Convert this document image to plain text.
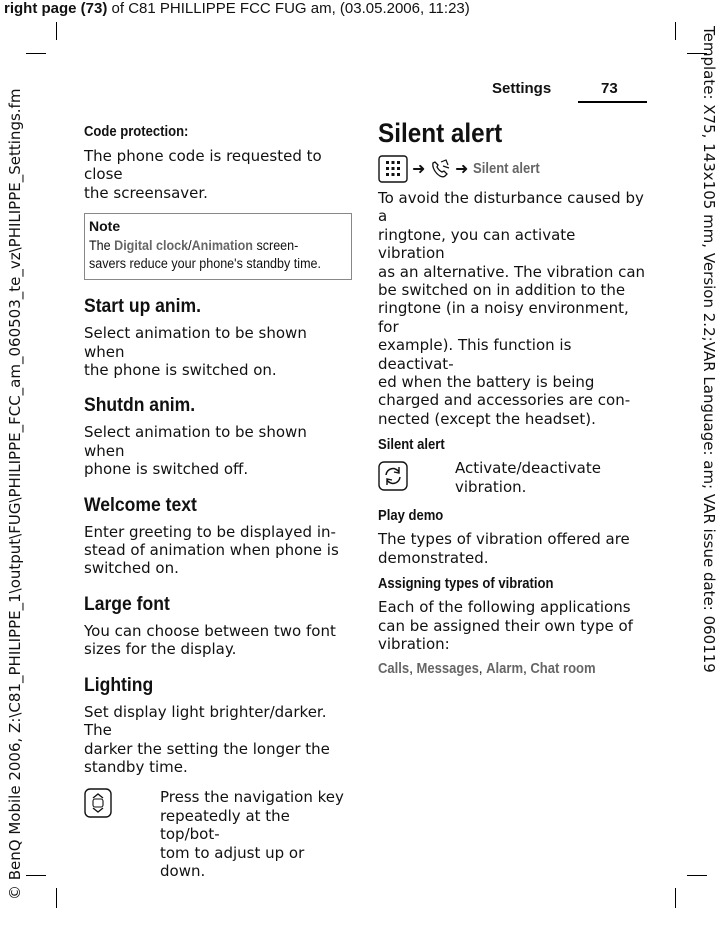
right page (73) of C81 PHILLIPPE FCC FUG am, (03.05.2006, 11:23)
Template: X75, 143x105 mm, Version 2.2;VAR Language: am; VAR issue date: 060119
© BenQ Mobile 2006, Z:\C81_PHILIPPE_1\output\FUG\PHILIPPE_FCC_am_060503_te_vz\PHILIPPE_Settings.fm
Settings	73
Code protection:
The phone code is requested to close
the screensaver.
Note
The Digital clock/Animation screen-
savers reduce your phone's standby time.
Start up anim.
Select animation to be shown when
the phone is switched on.
Shutdn anim.
Select animation to be shown when
phone is switched off.
Welcome text
Enter greeting to be displayed in-
stead of animation when phone is
switched on.
Large font
You can choose between two font
sizes for the display.
Lighting
Set display light brighter/darker. The
darker the setting the longer the
standby time.
Press the navigation key
repeatedly at the top/bot-
tom to adjust up or down.
Silent alert
➜ ➜ Silent alert
To avoid the disturbance caused by a
ringtone, you can activate vibration
as an alternative. The vibration can
be switched on in addition to the
ringtone (in a noisy environment, for
example). This function is deactivat-
ed when the battery is being
charged and accessories are con-
nected (except the headset).
Silent alert
Activate/deactivate
vibration.
Play demo
The types of vibration offered are
demonstrated.
Assigning types of vibration
Each of the following applications
can be assigned their own type of
vibration:
Calls, Messages, Alarm, Chat room
